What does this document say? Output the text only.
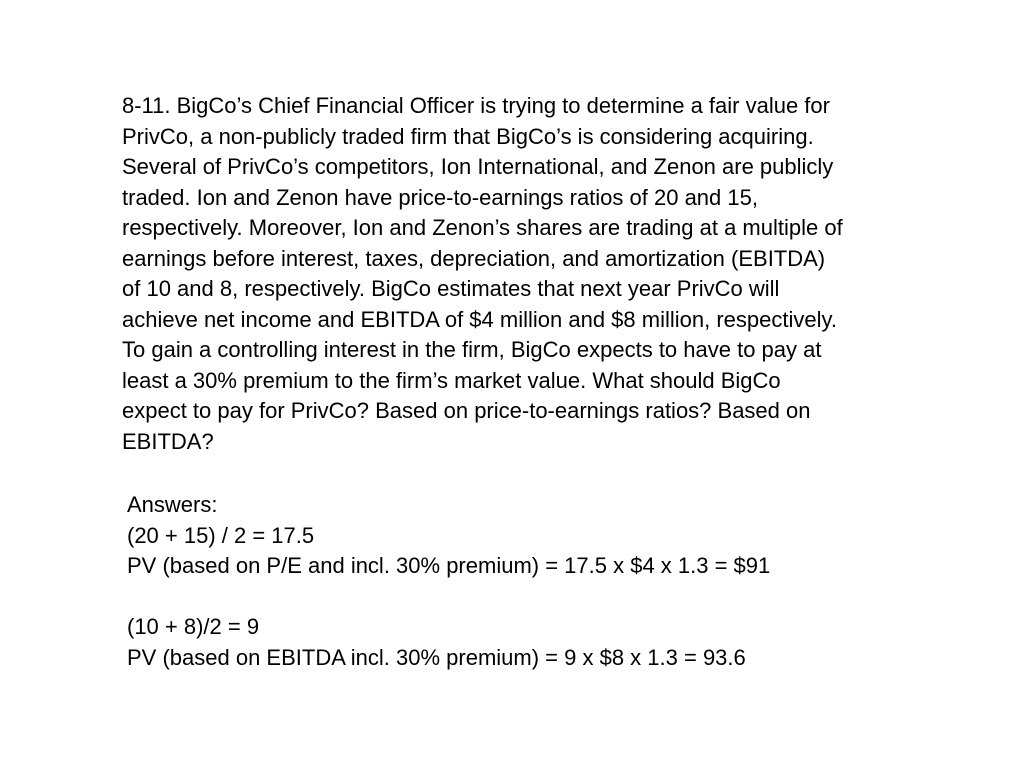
8-11. BigCo’s Chief Financial Officer is trying to determine a fair value for
PrivCo, a non-publicly traded firm that BigCo’s is considering acquiring.
Several of PrivCo’s competitors, Ion International, and Zenon are publicly
traded. Ion and Zenon have price-to-earnings ratios of 20 and 15,
respectively. Moreover, Ion and Zenon’s shares are trading at a multiple of
earnings before interest, taxes, depreciation, and amortization (EBITDA)
of 10 and 8, respectively. BigCo estimates that next year PrivCo will
achieve net income and EBITDA of $4 million and $8 million, respectively.
To gain a controlling interest in the firm, BigCo expects to have to pay at
least a 30% premium to the firm’s market value. What should BigCo
expect to pay for PrivCo? Based on price-to-earnings ratios? Based on
EBITDA?

Answers:
(20 + 15) / 2 = 17.5
PV (based on P/E and incl. 30% premium) = 17.5 x $4 x 1.3 = $91
(10 + 8)/2 = 9
PV (based on EBITDA incl. 30% premium) = 9 x $8 x 1.3 = 93.6
